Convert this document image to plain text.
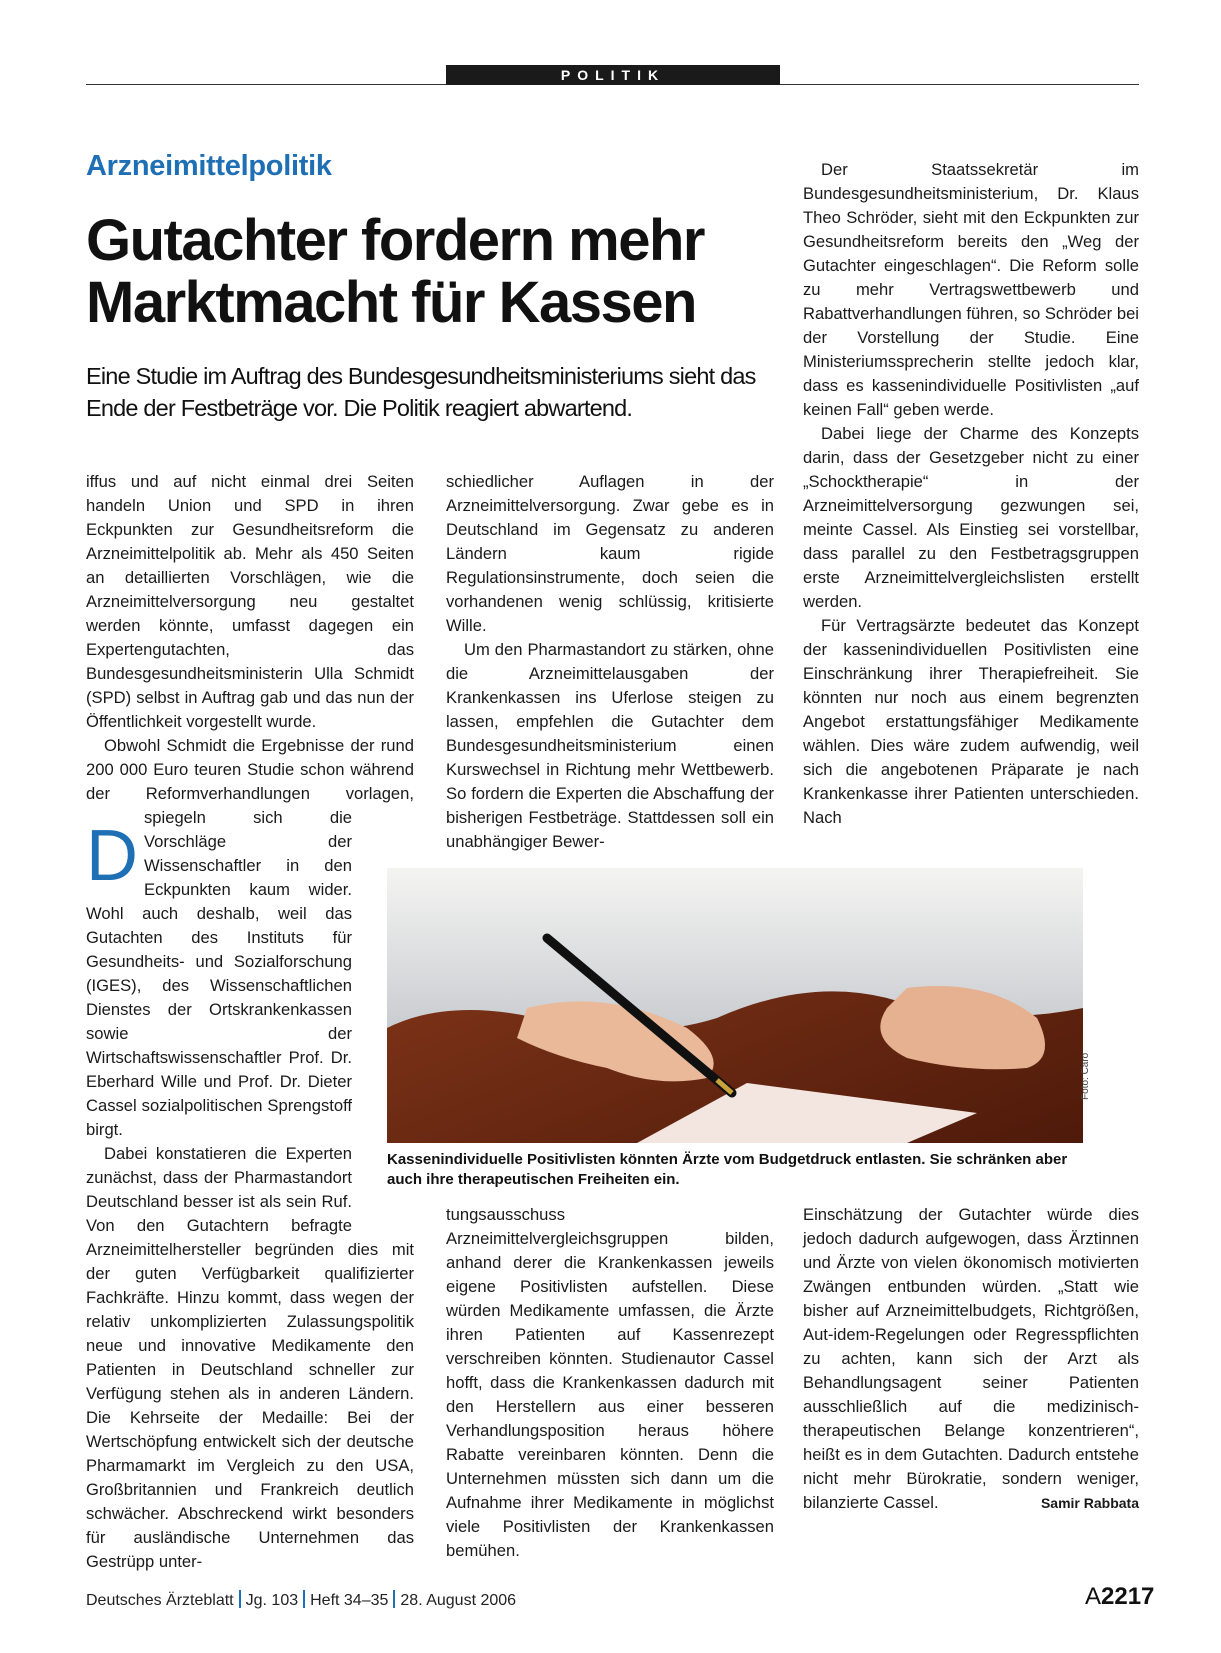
POLITIK
Arzneimittelpolitik
Gutachter fordern mehr Marktmacht für Kassen
Eine Studie im Auftrag des Bundesgesundheitsministeriums sieht das Ende der Festbeträge vor. Die Politik reagiert abwartend.

D
iffus und auf nicht einmal drei Seiten handeln Union und SPD in ihren Eckpunkten zur Gesundheitsreform die Arzneimittelpolitik ab. Mehr als 450 Seiten an detaillierten Vorschlägen, wie die Arzneimittelversorgung neu gestaltet werden könnte, umfasst dagegen ein Expertengutachten, das Bundesgesundheitsministerin Ulla Schmidt (SPD) selbst in Auftrag gab und das nun der Öffentlichkeit vorgestellt wurde.

Obwohl Schmidt die Ergebnisse der rund 200 000 Euro teuren Studie schon während der Reformverhandlungen vorlagen, spiegeln sich die Vorschläge der Wissenschaftler in den Eckpunkten kaum wider. Wohl auch deshalb, weil das Gutachten des Instituts für Gesundheits- und Sozialforschung (IGES), des Wissenschaftlichen Dienstes der Ortskrankenkassen sowie der Wirtschaftswissenschaftler Prof. Dr. Eberhard Wille und Prof. Dr. Dieter Cassel sozialpolitischen Sprengstoff birgt.

Dabei konstatieren die Experten zunächst, dass der Pharmastandort Deutschland besser ist als sein Ruf. Von den Gutachtern befragte Arzneimittelhersteller begründen dies mit der guten Verfügbarkeit qualifizierter Fachkräfte. Hinzu kommt, dass wegen der relativ unkomplizierten Zulassungspolitik neue und innovative Medikamente den Patienten in Deutschland schneller zur Verfügung stehen als in anderen Ländern. Die Kehrseite der Medaille: Bei der Wertschöpfung entwickelt sich der deutsche Pharmamarkt im Vergleich zu den USA, Großbritannien und Frankreich deutlich schwächer. Abschreckend wirkt besonders für ausländische Unternehmen das Gestrüpp unter-

schiedlicher Auflagen in der Arzneimittelversorgung. Zwar gebe es in Deutschland im Gegensatz zu anderen Ländern kaum rigide Regulationsinstrumente, doch seien die vorhandenen wenig schlüssig, kritisierte Wille.

Um den Pharmastandort zu stärken, ohne die Arzneimittelausgaben der Krankenkassen ins Uferlose steigen zu lassen, empfehlen die Gutachter dem Bundesgesundheitsministerium einen Kurswechsel in Richtung mehr Wettbewerb. So fordern die Experten die Abschaffung der bisherigen Festbeträge. Stattdessen soll ein unabhängiger Bewer-

Der Staatssekretär im Bundesgesundheitsministerium, Dr. Klaus Theo Schröder, sieht mit den Eckpunkten zur Gesundheitsreform bereits den „Weg der Gutachter eingeschlagen“. Die Reform solle zu mehr Vertragswettbewerb und Rabattverhandlungen führen, so Schröder bei der Vorstellung der Studie. Eine Ministeriumssprecherin stellte jedoch klar, dass es kassenindividuelle Positivlisten „auf keinen Fall“ geben werde.

Dabei liege der Charme des Konzepts darin, dass der Gesetzgeber nicht zu einer „Schocktherapie“ in der Arzneimittelversorgung gezwungen sei, meinte Cassel. Als Einstieg sei vorstellbar, dass parallel zu den Festbetragsgruppen erste Arzneimittelvergleichslisten erstellt werden.

Für Vertragsärzte bedeutet das Konzept der kassenindividuellen Positivlisten eine Einschränkung ihrer Therapiefreiheit. Sie könnten nur noch aus einem begrenzten Angebot erstattungsfähiger Medikamente wählen. Dies wäre zudem aufwendig, weil sich die angebotenen Präparate je nach Krankenkasse ihrer Patienten unterschieden. Nach

Foto: Caro
Kassenindividuelle Positivlisten könnten Ärzte vom Budgetdruck entlasten. Sie schränken aber auch ihre therapeutischen Freiheiten ein.

tungsausschuss Arzneimittelvergleichsgruppen bilden, anhand derer die Krankenkassen jeweils eigene Positivlisten aufstellen. Diese würden Medikamente umfassen, die Ärzte ihren Patienten auf Kassenrezept verschreiben könnten. Studienautor Cassel hofft, dass die Krankenkassen dadurch mit den Herstellern aus einer besseren Verhandlungsposition heraus höhere Rabatte vereinbaren könnten. Denn die Unternehmen müssten sich dann um die Aufnahme ihrer Medikamente in möglichst viele Positivlisten der Krankenkassen bemühen.

Einschätzung der Gutachter würde dies jedoch dadurch aufgewogen, dass Ärztinnen und Ärzte von vielen ökonomisch motivierten Zwängen entbunden würden. „Statt wie bisher auf Arzneimittelbudgets, Richtgrößen, Aut-idem-Regelungen oder Regresspflichten zu achten, kann sich der Arzt als Behandlungsagent seiner Patienten ausschließlich auf die medizinisch-therapeutischen Belange konzentrieren“, heißt es in dem Gutachten. Dadurch entstehe nicht mehr Bürokratie, sondern weniger, bilanzierte Cassel.	Samir Rabbata

Deutsches Ärzteblatt Jg. 103 Heft 34–35 28. August 2006	A2217
